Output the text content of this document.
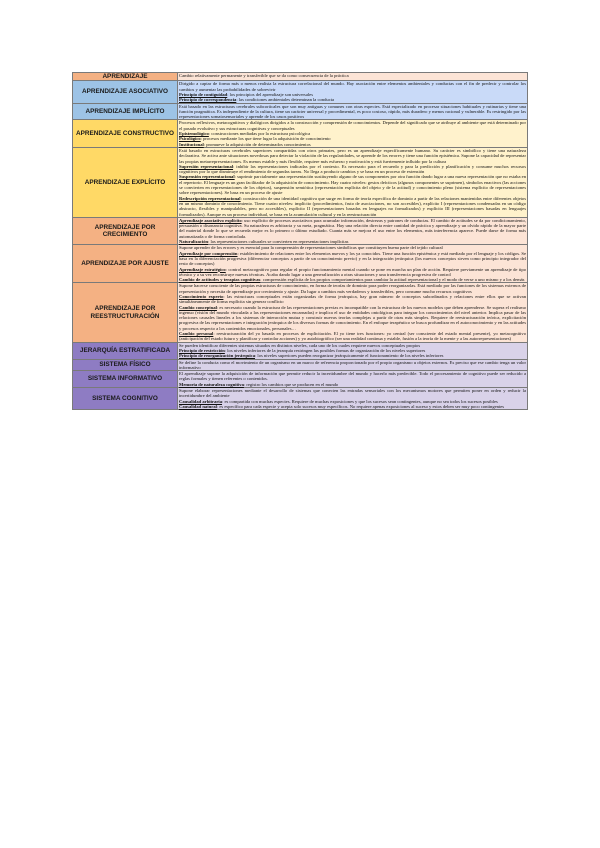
APRENDIZAJE	Cambio relativamente permanente y transferible que se da como consecuencia de la práctica

APRENDIZAJE ASOCIATIVO	Dirigido a captar de forma más o menos realista la estructura correlacional del mundo. Hay asociación entre elementos ambientales y conductas con el fin de predecir y controlar los cambios y aumentar las probabilidades de sobrevivir

Principio de contiguidad: los principios del aprendizaje son universales

Principio de correspondencia: las condiciones ambientales determinan la conducta

APRENDIZAJE IMPLÍCITO	Está basado en las estructuras cerebrales subcorticales que son muy antiguas y comunes con otras especies. Está especializado en procesar situaciones habituales y rutinarias y tiene una función pragmática. Es independiente de la cultura, tiene un carácter universal y procedimental, es poco costoso, rápido, más duradero y menos racional y vulnerable. Es restringido por las representaciones somatosensoriales y aprende de los casos positivos

APRENDIZAJE CONSTRUCTIVO	Procesos reflexivos, metacognitivos y dialógicos dirigidos a la construcción y comprensión de conocimientos. Depende del significado que se atribuye al ambiente que está determinado por el pasado evolutivo y sus estructuras cognitivas y conceptuales

Epistemológico: construcciones mediadas por la estructura psicológica

Psicológico: procesos mediante los que tiene lugar la adquisición de conocimiento

Institucional: promueve la adquisición de determinados conocimientos

APRENDIZAJE EXPLÍCITO	Está basado en estructuras cerebrales superiores compartidas con otros primates, pero es un aprendizaje específicamente humano. Su carácter es simbólico y tiene una naturaleza declarativa. Se activa ante situaciones novedosas para detectar la violación de las regularidades, se aprende de los errores y tiene una función epistémica. Supone la capacidad de representar las propias metarrepresentaciones. Es menos estable y más flexible, requiere más esfuerzo y motivación y está fuertemente influido por la cultura

Supresión representacional: inhibir las representaciones indicadas por el contexto. Es necesario para el recuerdo y para la predicción y planificación y consume muchos recursos cognitivos por lo que disminuye el rendimiento de segundas tareas. No llega a producir cambios y se basa en un proceso de extensión

Suspensión representacional: suprimir parcialmente una representación sustituyendo alguno de sus componentes por otra función dando lugar a una nueva representación que no estaba en el repertorio. El lenguaje es un gran facilitador de la adquisición de conocimiento. Hay cuatro niveles: gestos deícticos (algunos componentes se suprimen), símbolos enactivos (las acciones se convierten en representaciones de los objetos), suspensión semiótica (representación explícita del objeto y de la actitud) y conocimiento pleno (sistema explícito de representaciones sobre representaciones). Se basa en un proceso de ajuste

Redescripción representacional: construcción de una identidad cognitiva que surge en forma de teoría específica de dominio a partir de las relaciones mantenidas entre diferentes objetos en un mismo dominio de conocimiento. Tiene cuatro niveles: implícito (procedimientos, fruto de asociaciones, no son accesibles), explícito I (representaciones condensadas en un código abstracto, flexibles y manipulables, pero no accesibles), explícito II (representaciones basadas en lenguajes no formalizados) y explícito III (representaciones basadas en lenguajes formalizados). Aunque es un proceso individual, se basa en la acumulación cultural y en la reestructuración

APRENDIZAJE POR CRECIMIENTO	Aprendizaje asociativo explícito: uso explícito de procesos asociativos para acumular información, destrezas y patrones de conductas. El cambio de actitudes se da por condicionamiento, persuasión o disonancia cognitiva. Su naturaleza es arbitraria y su meta, pragmática. Hay una relación directa entre cantidad de práctica y aprendizaje y un olvido rápido de la mayor parte del material donde lo que se recuerda mejor es lo primero o último estudiado. Cuanta más se mejora el uso entre los elementos, más interferencia aparece. Puede darse de forma más automatizada o de forma controlada.

Naturalización: las representaciones culturales se convierten en representaciones implícitas

APRENDIZAJE POR AJUSTE	Supone aprender de los errores y es esencial para la comprensión de representaciones simbólicas que constituyen buena parte del tejido cultural

Aprendizaje por comprensión: establecimiento de relaciones entre los elementos nuevos y los ya conocidos. Tiene una función epistémica y está mediado por el lenguaje y los códigos. Se basa en la diferenciación progresiva (diferenciar conceptos a partir de un conocimiento previo) y en la integración jerárquica (los nuevos conceptos sirven como principio integrador del resto de conceptos)

Aprendizaje estratégico: control metacognitivo para regular el propio funcionamiento mental cuando se pone en marcha un plan de acción. Requiere previamente un aprendizaje de tipo técnico y a su vez reconstruye nuevas técnicas. Acaba dando lugar a una generalización a otras situaciones y una transferencia progresiva de control

Cambio de actitudes y terapias cognitivas: comprensión explícita de los propios comportamientos para cambiar la actitud representacional y el modo de verse a uno mismo y a los demás

APRENDIZAJE POR REESTRUCTURACIÓN	Supone hacerse consciente de las propias estructuras de conocimiento, en forma de teorías de dominio para poder reorganizarlas. Está mediado por las funciones de los sistemas externos de representación y necesita de aprendizaje por crecimiento y ajuste. Da lugar a cambios más verdaderos y transferibles, pero consume mucho recursos cognitivos

Conocimiento experto: las estructuras conceptuales están organizadas de forma jerárquica, hay gran número de conceptos subordinados y relaciones entre ellos que se activan simultáneamente de forma explícita sin generar conflicto

Cambio conceptual: es necesario cuando la estructura de las representaciones previas es incompatible con la estructura de los nuevos modelos que deben aprenderse. Se supera el realismo ingenuo (visión del mundo vinculada a las representaciones encarnadas) e implica el uso de entidades ontológicas para integrar los conocimientos del nivel anterior. Implica pasar de las relaciones causales lineales a los sistemas de interacción mutua y construir nuevas teorías complejas a partir de otras más simples. Requiere de reestructuración teórica, explicitación progresiva de las representaciones e integración jerárquica de los diversos formas de conocimiento. En el enfoque terapéutico se busca profundizar en el autoconocimiento y en las actitudes y procesos respecto a los contenidos emocionales, personales…

Cambio personal: reestructuración del yo basada en procesos de explicitación. El yo tiene tres funciones: yo central (ser consciente del estado mental presente), yo metacognitivo (anticipación del estado futuro y planificar y controlar acciones) y yo autobiográfico (ser una realidad continua y estable, fusión a la teoría de la mente y a las autorrepresentaciones)

JERARQUÍA ESTRATIFICADA	Se pueden identificar diferentes sistemas situados en distintos niveles, cada uno de los cuales requiere nuevos conceptuales propios

Principio de restricción: los niveles inferiores de la jerarquía restringen las posibles formas de organización de los niveles superiores

Principio de reorganización jerárquica: los niveles superiores pueden reorganizar jerárquicamente el funcionamiento de los niveles inferiores

SISTEMA FÍSICO	Se define la conducta como el movimiento de un organismo en un marco de referencia proporcionado por el propio organismo u objetos externos. Es preciso que ese cambio tenga un valor informativo

SISTEMA INFORMATIVO	El aprendizaje supone la adquisición de información que permite reducir la incertidumbre del mundo y hacerlo más predecible. Todo el procesamiento de cognitivo puede ser reducido a reglas formales y tienen referentes o contenidos.

Memoria de naturaleza cognitiva: registro los cambios que se producen en el mundo

SISTEMA COGNITIVO	Supone elaborar representaciones mediante el desarrollo de sistemas que conecten las entradas sensoriales con los mecanismos motores que permiten poner en orden y reducir la incertidumbre del ambiente

Causalidad arbitraria: es compartida con muchas especies. Requiere de muchas exposiciones y que los sucesos sean contingentes, aunque no sea todos los sucesos posibles

Causalidad natural: es específico para cada especie y acepta solo sucesos muy específicos. No requiere apenas exposiciones al suceso y estos deben ser muy poco contingentes
